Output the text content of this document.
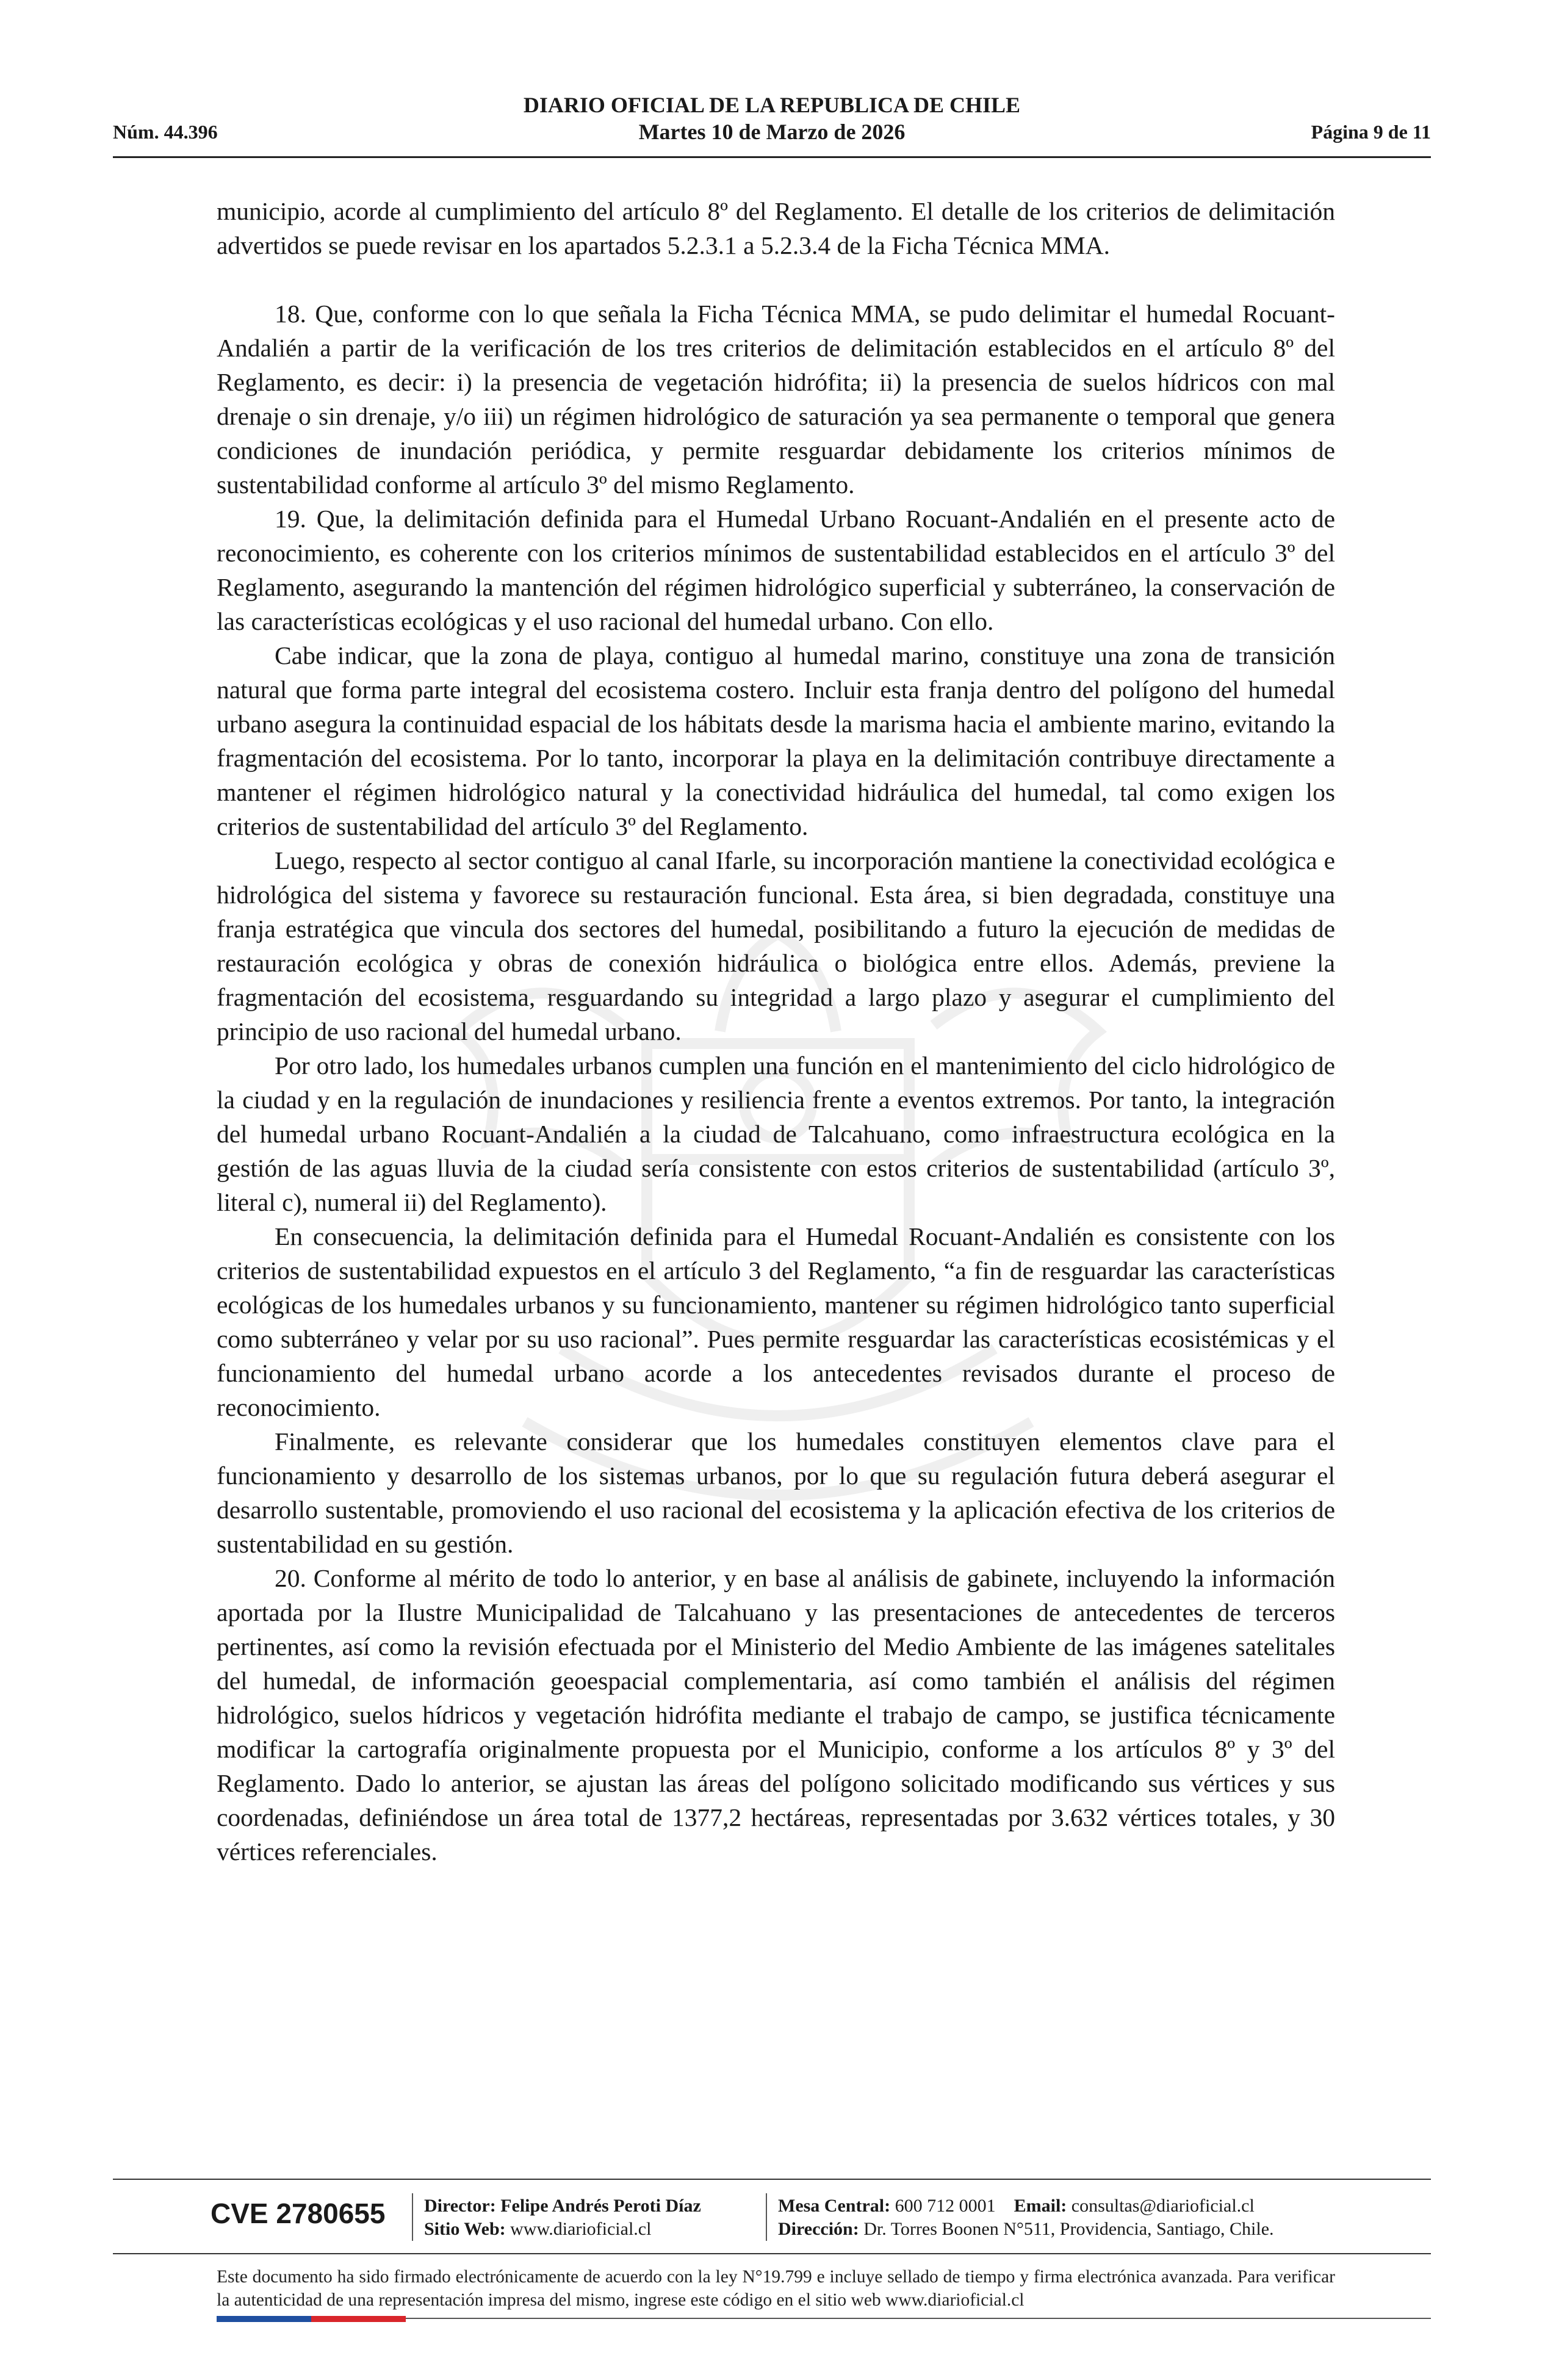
DIARIO OFICIAL DE LA REPUBLICA DE CHILE
Martes 10 de Marzo de 2026
Núm. 44.396	Página 9 de 11

municipio, acorde al cumplimiento del artículo 8º del Reglamento. El detalle de los criterios de delimitación advertidos se puede revisar en los apartados 5.2.3.1 a 5.2.3.4 de la Ficha Técnica MMA.

18. Que, conforme con lo que señala la Ficha Técnica MMA, se pudo delimitar el humedal Rocuant-Andalién a partir de la verificación de los tres criterios de delimitación establecidos en el artículo 8º del Reglamento, es decir: i) la presencia de vegetación hidrófita; ii) la presencia de suelos hídricos con mal drenaje o sin drenaje, y/o iii) un régimen hidrológico de saturación ya sea permanente o temporal que genera condiciones de inundación periódica, y permite resguardar debidamente los criterios mínimos de sustentabilidad conforme al artículo 3º del mismo Reglamento.

19. Que, la delimitación definida para el Humedal Urbano Rocuant-Andalién en el presente acto de reconocimiento, es coherente con los criterios mínimos de sustentabilidad establecidos en el artículo 3º del Reglamento, asegurando la mantención del régimen hidrológico superficial y subterráneo, la conservación de las características ecológicas y el uso racional del humedal urbano. Con ello.

Cabe indicar, que la zona de playa, contiguo al humedal marino, constituye una zona de transición natural que forma parte integral del ecosistema costero. Incluir esta franja dentro del polígono del humedal urbano asegura la continuidad espacial de los hábitats desde la marisma hacia el ambiente marino, evitando la fragmentación del ecosistema. Por lo tanto, incorporar la playa en la delimitación contribuye directamente a mantener el régimen hidrológico natural y la conectividad hidráulica del humedal, tal como exigen los criterios de sustentabilidad del artículo 3º del Reglamento.

Luego, respecto al sector contiguo al canal Ifarle, su incorporación mantiene la conectividad ecológica e hidrológica del sistema y favorece su restauración funcional. Esta área, si bien degradada, constituye una franja estratégica que vincula dos sectores del humedal, posibilitando a futuro la ejecución de medidas de restauración ecológica y obras de conexión hidráulica o biológica entre ellos. Además, previene la fragmentación del ecosistema, resguardando su integridad a largo plazo y asegurar el cumplimiento del principio de uso racional del humedal urbano.

Por otro lado, los humedales urbanos cumplen una función en el mantenimiento del ciclo hidrológico de la ciudad y en la regulación de inundaciones y resiliencia frente a eventos extremos. Por tanto, la integración del humedal urbano Rocuant-Andalién a la ciudad de Talcahuano, como infraestructura ecológica en la gestión de las aguas lluvia de la ciudad sería consistente con estos criterios de sustentabilidad (artículo 3º, literal c), numeral ii) del Reglamento).

En consecuencia, la delimitación definida para el Humedal Rocuant-Andalién es consistente con los criterios de sustentabilidad expuestos en el artículo 3 del Reglamento, “a fin de resguardar las características ecológicas de los humedales urbanos y su funcionamiento, mantener su régimen hidrológico tanto superficial como subterráneo y velar por su uso racional”. Pues permite resguardar las características ecosistémicas y el funcionamiento del humedal urbano acorde a los antecedentes revisados durante el proceso de reconocimiento.

Finalmente, es relevante considerar que los humedales constituyen elementos clave para el funcionamiento y desarrollo de los sistemas urbanos, por lo que su regulación futura deberá asegurar el desarrollo sustentable, promoviendo el uso racional del ecosistema y la aplicación efectiva de los criterios de sustentabilidad en su gestión.

20. Conforme al mérito de todo lo anterior, y en base al análisis de gabinete, incluyendo la información aportada por la Ilustre Municipalidad de Talcahuano y las presentaciones de antecedentes de terceros pertinentes, así como la revisión efectuada por el Ministerio del Medio Ambiente de las imágenes satelitales del humedal, de información geoespacial complementaria, así como también el análisis del régimen hidrológico, suelos hídricos y vegetación hidrófita mediante el trabajo de campo, se justifica técnicamente modificar la cartografía originalmente propuesta por el Municipio, conforme a los artículos 8º y 3º del Reglamento. Dado lo anterior, se ajustan las áreas del polígono solicitado modificando sus vértices y sus coordenadas, definiéndose un área total de 1377,2 hectáreas, representadas por 3.632 vértices totales, y 30 vértices referenciales.

CVE 2780655 Director: Felipe Andrés Peroti Díaz
Sitio Web: www.diarioficial.cl
Mesa Central: 600 712 0001 Email: consultas@diarioficial.cl
Dirección: Dr. Torres Boonen N°511, Providencia, Santiago, Chile.
Este documento ha sido firmado electrónicamente de acuerdo con la ley N°19.799 e incluye sellado de tiempo y firma electrónica avanzada. Para verificar la autenticidad de una representación impresa del mismo, ingrese este código en el sitio web www.diarioficial.cl
